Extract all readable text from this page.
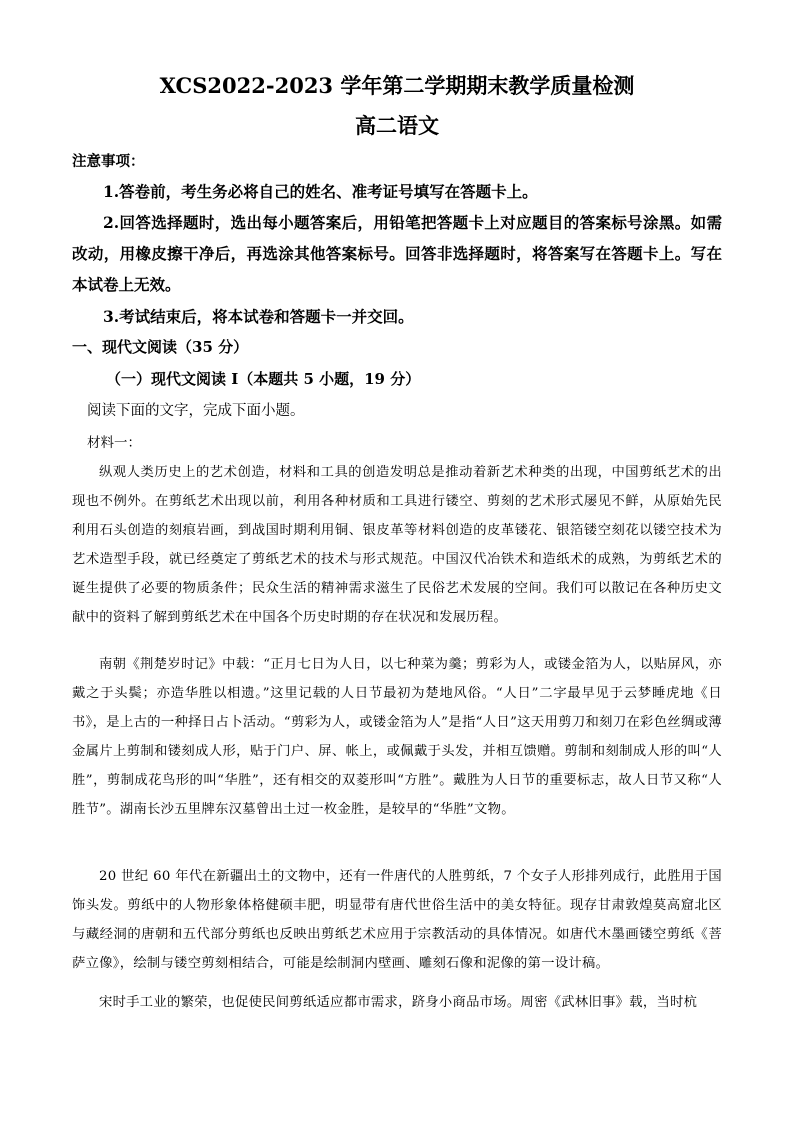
XCS2022-2023 学年第二学期期末教学质量检测
高二语文
注意事项：
1.答卷前，考生务必将自己的姓名、准考证号填写在答题卡上。
2.回答选择题时，选出每小题答案后，用铅笔把答题卡上对应题目的答案标号涂黑。如需改动，用橡皮擦干净后，再选涂其他答案标号。回答非选择题时，将答案写在答题卡上。写在本试卷上无效。
3.考试结束后，将本试卷和答题卡一并交回。
一、现代文阅读（35 分）
（一）现代文阅读 I（本题共 5 小题，19 分）
阅读下面的文字，完成下面小题。
材料一：
纵观人类历史上的艺术创造，材料和工具的创造发明总是推动着新艺术种类的出现，中国剪纸艺术的出现也不例外。在剪纸艺术出现以前，利用各种材质和工具进行镂空、剪刻的艺术形式屡见不鲜，从原始先民利用石头创造的刻痕岩画，到战国时期利用铜、银皮革等材料创造的皮革镂花、银箔镂空刻花以镂空技术为艺术造型手段，就已经奠定了剪纸艺术的技术与形式规范。中国汉代冶铁术和造纸术的成熟，为剪纸艺术的诞生提供了必要的物质条件；民众生活的精神需求滋生了民俗艺术发展的空间。我们可以散记在各种历史文献中的资料了解到剪纸艺术在中国各个历史时期的存在状况和发展历程。
南朝《荆楚岁时记》中载：“正月七日为人日，以七种菜为羹；剪彩为人，或镂金箔为人，以贴屏风，亦戴之于头鬓；亦造华胜以相遗。”这里记载的人日节最初为楚地风俗。“人日”二字最早见于云梦睡虎地《日书》，是上古的一种择日占卜活动。“剪彩为人，或镂金箔为人”是指“人日”这天用剪刀和刻刀在彩色丝绸或薄金属片上剪制和镂刻成人形，贴于门户、屏、帐上，或佩戴于头发，并相互馈赠。剪制和刻制成人形的叫“人胜”，剪制成花鸟形的叫“华胜”，还有相交的双菱形叫“方胜”。戴胜为人日节的重要标志，故人日节又称“人胜节”。湖南长沙五里牌东汉墓曾出土过一枚金胜，是较早的“华胜”文物。
20 世纪 60 年代在新疆出土的文物中，还有一件唐代的人胜剪纸，7 个女子人形排列成行，此胜用于国饰头发。剪纸中的人物形象体格健硕丰肥，明显带有唐代世俗生活中的美女特征。现存甘肃敦煌莫高窟北区与藏经洞的唐朝和五代部分剪纸也反映出剪纸艺术应用于宗教活动的具体情况。如唐代木墨画镂空剪纸《菩萨立像》，绘制与镂空剪刻相结合，可能是绘制洞内壁画、雕刻石像和泥像的第一设计稿。
宋时手工业的繁荣，也促使民间剪纸适应都市需求，跻身小商品市场。周密《武林旧事》载，当时杭
